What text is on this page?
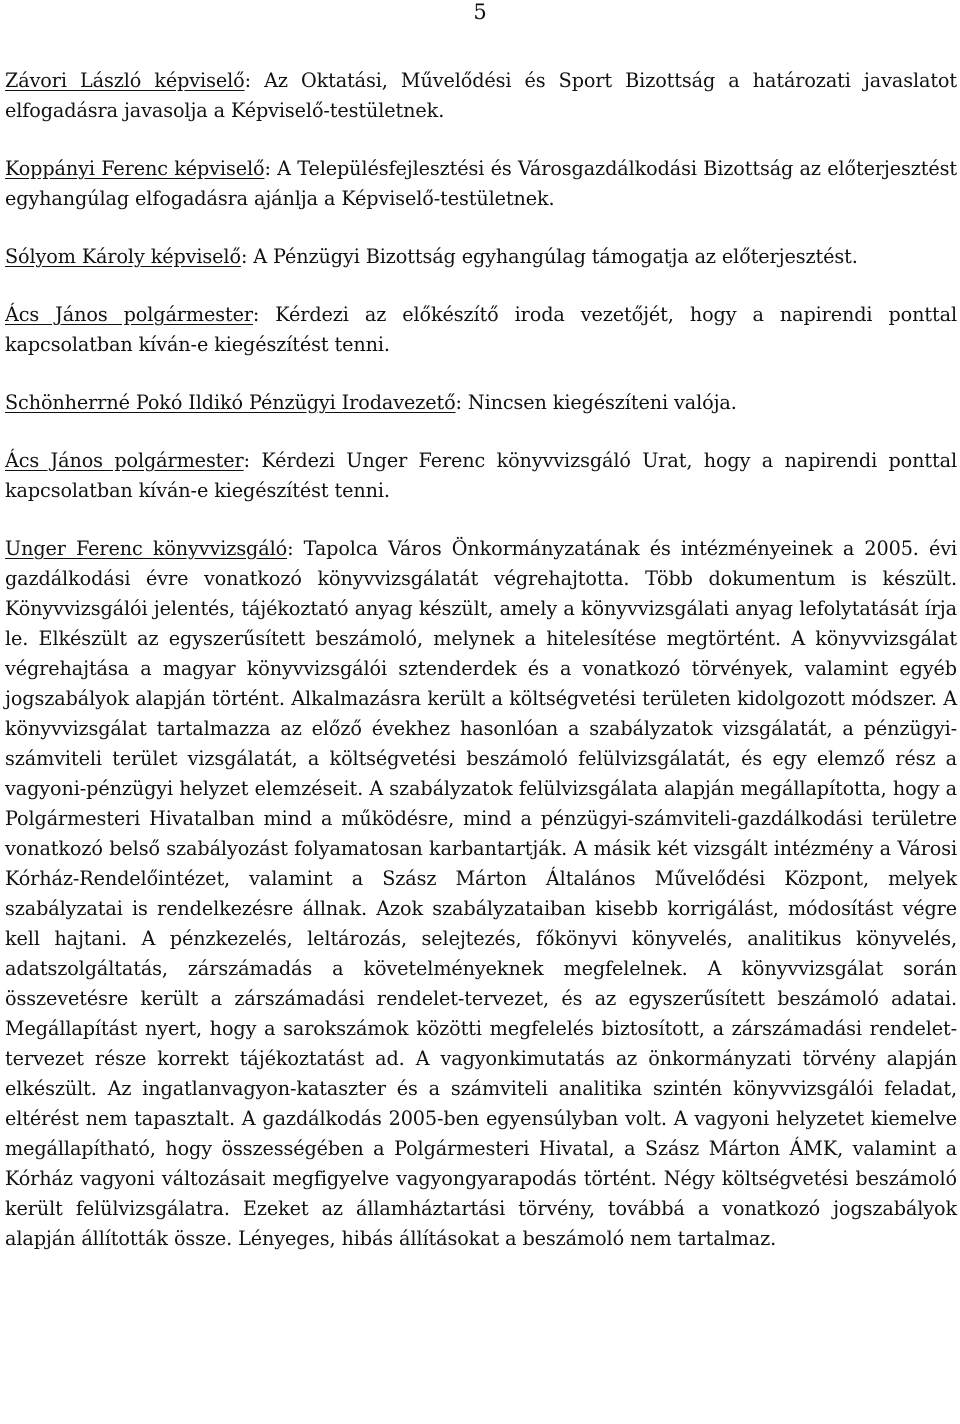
5

Závori László képviselő: Az Oktatási, Művelődési és Sport Bizottság a határozati javaslatot elfogadásra javasolja a Képviselő-testületnek.

Koppányi Ferenc képviselő: A Településfejlesztési és Városgazdálkodási Bizottság az előterjesztést egyhangúlag elfogadásra ajánlja a Képviselő-testületnek.

Sólyom Károly képviselő: A Pénzügyi Bizottság egyhangúlag támogatja az előterjesztést.

Ács János polgármester: Kérdezi az előkészítő iroda vezetőjét, hogy a napirendi ponttal kapcsolatban kíván-e kiegészítést tenni.

Schönherrné Pokó Ildikó Pénzügyi Irodavezető: Nincsen kiegészíteni valója.

Ács János polgármester: Kérdezi Unger Ferenc könyvvizsgáló Urat, hogy a napirendi ponttal kapcsolatban kíván-e kiegészítést tenni.

Unger Ferenc könyvvizsgáló: Tapolca Város Önkormányzatának és intézményeinek a 2005. évi gazdálkodási évre vonatkozó könyvvizsgálatát végrehajtotta. Több dokumentum is készült. Könyvvizsgálói jelentés, tájékoztató anyag készült, amely a könyvvizsgálati anyag lefolytatását írja le. Elkészült az egyszerűsített beszámoló, melynek a hitelesítése megtörtént. A könyvvizsgálat végrehajtása a magyar könyvvizsgálói sztenderdek és a vonatkozó törvények, valamint egyéb jogszabályok alapján történt. Alkalmazásra került a költségvetési területen kidolgozott módszer. A könyvvizsgálat tartalmazza az előző évekhez hasonlóan a szabályzatok vizsgálatát, a pénzügyi-számviteli terület vizsgálatát, a költségvetési beszámoló felülvizsgálatát, és egy elemző rész a vagyoni-pénzügyi helyzet elemzéseit. A szabályzatok felülvizsgálata alapján megállapította, hogy a Polgármesteri Hivatalban mind a működésre, mind a pénzügyi-számviteli-gazdálkodási területre vonatkozó belső szabályozást folyamatosan karbantartják. A másik két vizsgált intézmény a Városi Kórház-Rendelőintézet, valamint a Szász Márton Általános Művelődési Központ, melyek szabályzatai is rendelkezésre állnak. Azok szabályzataiban kisebb korrigálást, módosítást végre kell hajtani. A pénzkezelés, leltározás, selejtezés, főkönyvi könyvelés, analitikus könyvelés, adatszolgáltatás, zárszámadás a követelményeknek megfelelnek. A könyvvizsgálat során összevetésre került a zárszámadási rendelet-tervezet, és az egyszerűsített beszámoló adatai. Megállapítást nyert, hogy a sarokszámok közötti megfelelés biztosított, a zárszámadási rendelet-tervezet része korrekt tájékoztatást ad. A vagyonkimutatás az önkormányzati törvény alapján elkészült. Az ingatlanvagyon-kataszter és a számviteli analitika szintén könyvvizsgálói feladat, eltérést nem tapasztalt. A gazdálkodás 2005-ben egyensúlyban volt. A vagyoni helyzetet kiemelve megállapítható, hogy összességében a Polgármesteri Hivatal, a Szász Márton ÁMK, valamint a Kórház vagyoni változásait megfigyelve vagyongyarapodás történt. Négy költségvetési beszámoló került felülvizsgálatra. Ezeket az államháztartási törvény, továbbá a vonatkozó jogszabályok alapján állították össze. Lényeges, hibás állításokat a beszámoló nem tartalmaz.
